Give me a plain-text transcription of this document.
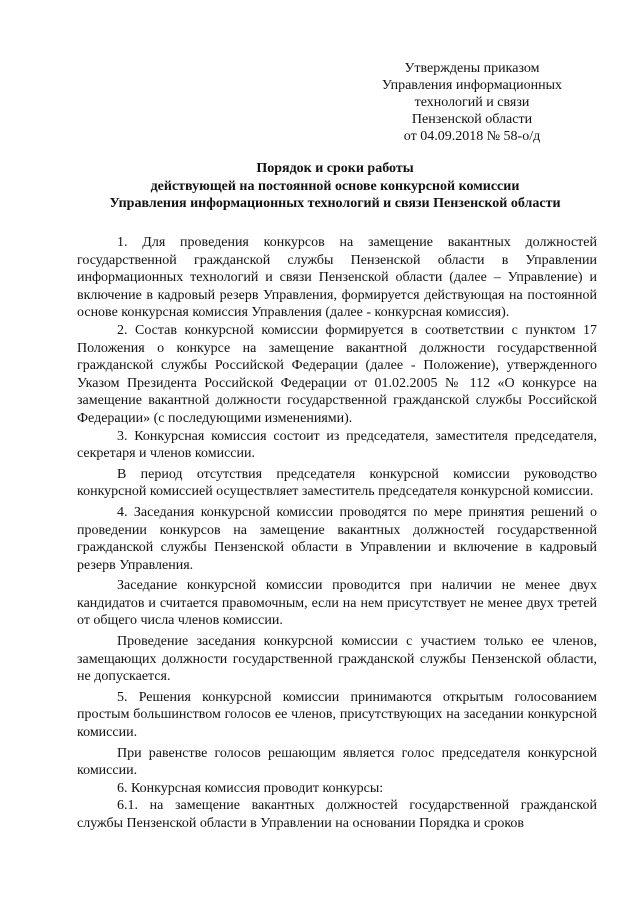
Утверждены приказом
Управления информационных
технологий и связи
Пензенской области
от 04.09.2018 № 58-о/д
Порядок и сроки работы
действующей на постоянной основе конкурсной комиссии
Управления информационных технологий и связи Пензенской области

1. Для проведения конкурсов на замещение вакантных должностей государственной гражданской службы Пензенской области в Управлении информационных технологий и связи Пензенской области (далее – Управление) и включение в кадровый резерв Управления, формируется действующая на постоянной основе конкурсная комиссия Управления (далее - конкурсная комиссия).

2. Состав конкурсной комиссии формируется в соответствии с пунктом 17 Положения о конкурсе на замещение вакантной должности государственной гражданской службы Российской Федерации (далее - Положение), утвержденного Указом Президента Российской Федерации от 01.02.2005 № 112 «О конкурсе на замещение вакантной должности государственной гражданской службы Российской Федерации» (с последующими изменениями).

3. Конкурсная комиссия состоит из председателя, заместителя председателя, секретаря и членов комиссии.

В период отсутствия председателя конкурсной комиссии руководство конкурсной комиссией осуществляет заместитель председателя конкурсной комиссии.

4. Заседания конкурсной комиссии проводятся по мере принятия решений о проведении конкурсов на замещение вакантных должностей государственной гражданской службы Пензенской области в Управлении и включение в кадровый резерв Управления.

Заседание конкурсной комиссии проводится при наличии не менее двух кандидатов и считается правомочным, если на нем присутствует не менее двух третей от общего числа членов комиссии.

Проведение заседания конкурсной комиссии с участием только ее членов, замещающих должности государственной гражданской службы Пензенской области, не допускается.

5. Решения конкурсной комиссии принимаются открытым голосованием простым большинством голосов ее членов, присутствующих на заседании конкурсной комиссии.

При равенстве голосов решающим является голос председателя конкурсной комиссии.

6. Конкурсная комиссия проводит конкурсы:

6.1. на замещение вакантных должностей государственной гражданской службы Пензенской области в Управлении на основании Порядка и сроков
